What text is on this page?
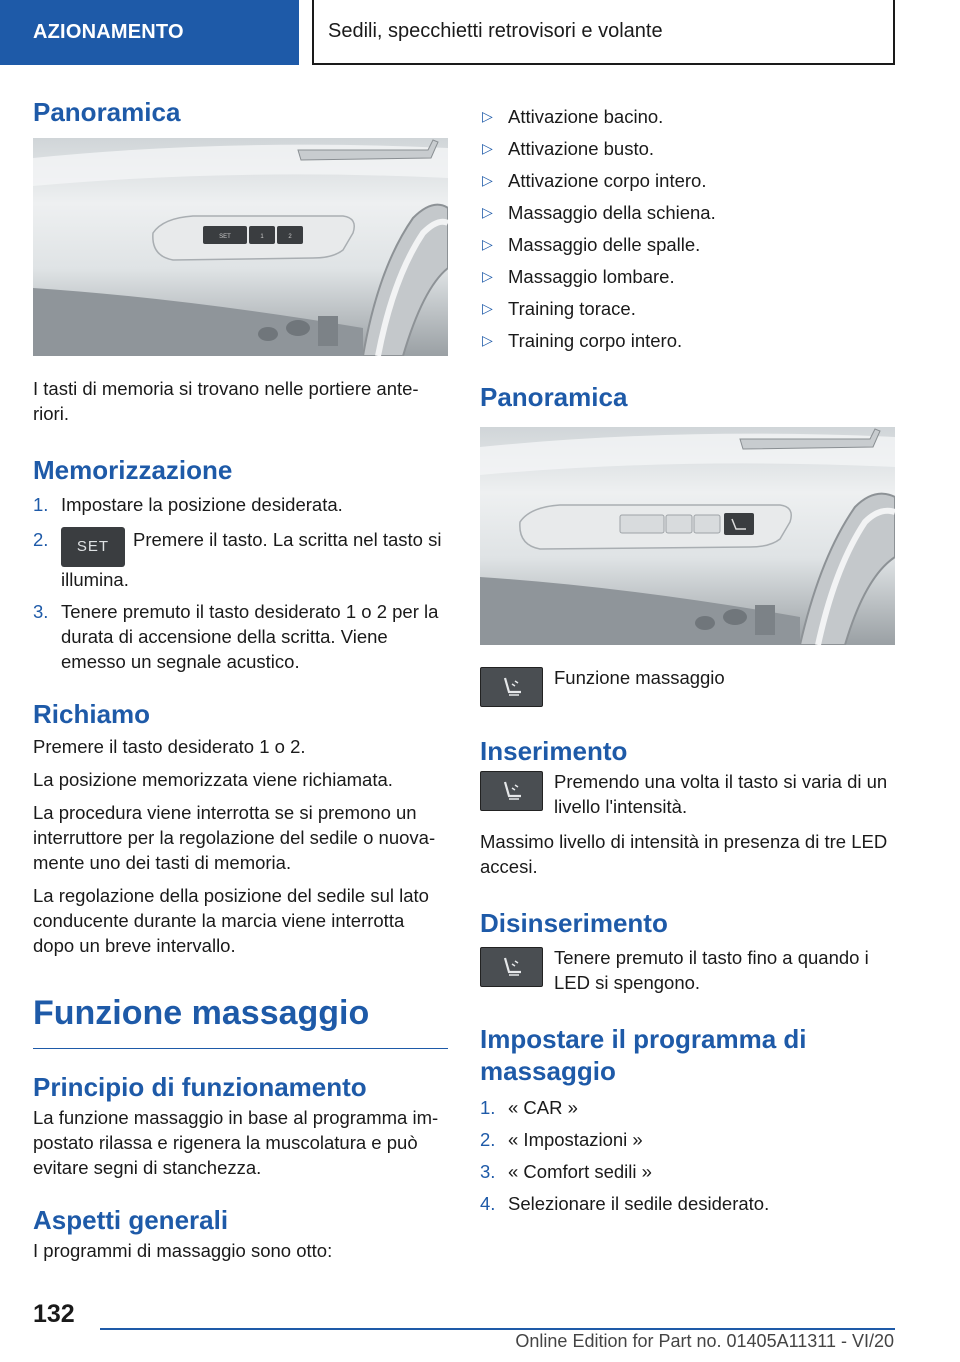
AZIONAMENTO	Sedili, specchietti retrovisori e volante
Panoramica
SET	1	2

I tasti di memoria si trovano nelle portiere ante-riori.

Memorizzazione
1. Impostare la posizione desiderata.
2. SET Premere il tasto. La scritta nel tasto si illumina.
3. Tenere premuto il tasto desiderato 1 o 2 per la durata di accensione della scritta. Viene emesso un segnale acustico.
Richiamo

Premere il tasto desiderato 1 o 2.

La posizione memorizzata viene richiamata.

La procedura viene interrotta se si premono un interruttore per la regolazione del sedile o nuova-mente uno dei tasti di memoria.

La regolazione della posizione del sedile sul lato conducente durante la marcia viene interrotta dopo un breve intervallo.

Funzione massaggio
Principio di funzionamento

La funzione massaggio in base al programma im-postato rilassa e rigenera la muscolatura e può evitare segni di stanchezza.

Aspetti generali

I programmi di massaggio sono otto:

▷ Attivazione bacino.
▷ Attivazione busto.
▷ Attivazione corpo intero.
▷ Massaggio della schiena.
▷ Massaggio delle spalle.
▷ Massaggio lombare.
▷ Training torace.
▷ Training corpo intero.
Panoramica
Funzione massaggio
Inserimento
Premendo una volta il tasto si varia di un livello l'intensità.

Massimo livello di intensità in presenza di tre LED accesi.

Disinserimento
Tenere premuto il tasto fino a quando i LED si spengono.
Impostare il programma di massaggio
1. « CAR »
2. « Impostazioni »
3. « Comfort sedili »
4. Selezionare il sedile desiderato.
132
Online Edition for Part no. 01405A11311 - VI/20
